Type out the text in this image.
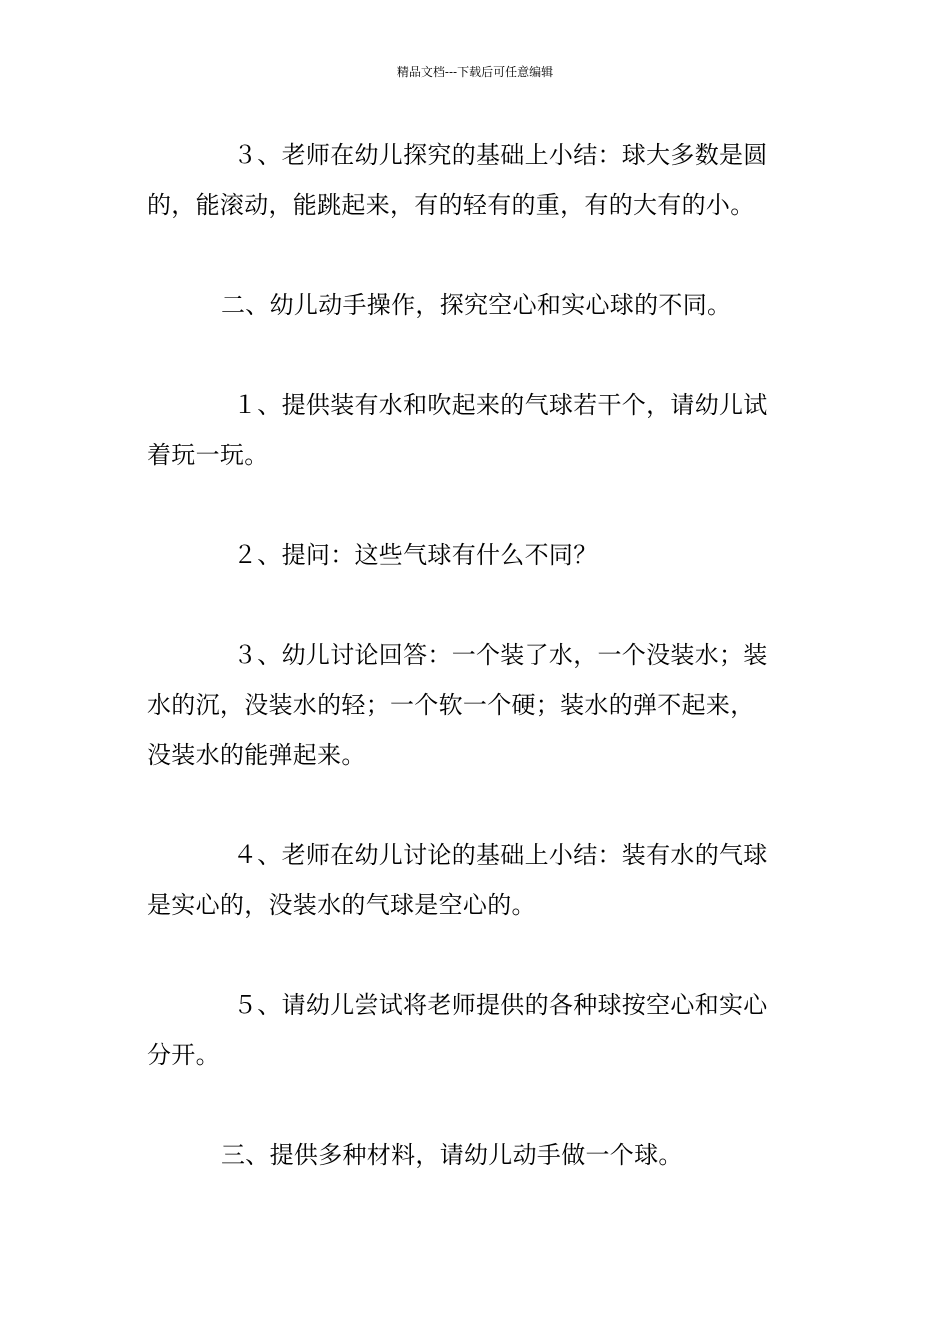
精品文档---下载后可任意编辑
３、老师在幼儿探究的基础上小结：球大多数是圆
的，能滚动，能跳起来，有的轻有的重，有的大有的小。
二、幼儿动手操作，探究空心和实心球的不同。
１、提供装有水和吹起来的气球若干个，请幼儿试
着玩一玩。
２、提问：这些气球有什么不同？
３、幼儿讨论回答：一个装了水，一个没装水；装
水的沉，没装水的轻；一个软一个硬；装水的弹不起来，
没装水的能弹起来。
４、老师在幼儿讨论的基础上小结：装有水的气球
是实心的，没装水的气球是空心的。
５、请幼儿尝试将老师提供的各种球按空心和实心
分开。
三、提供多种材料，请幼儿动手做一个球。
